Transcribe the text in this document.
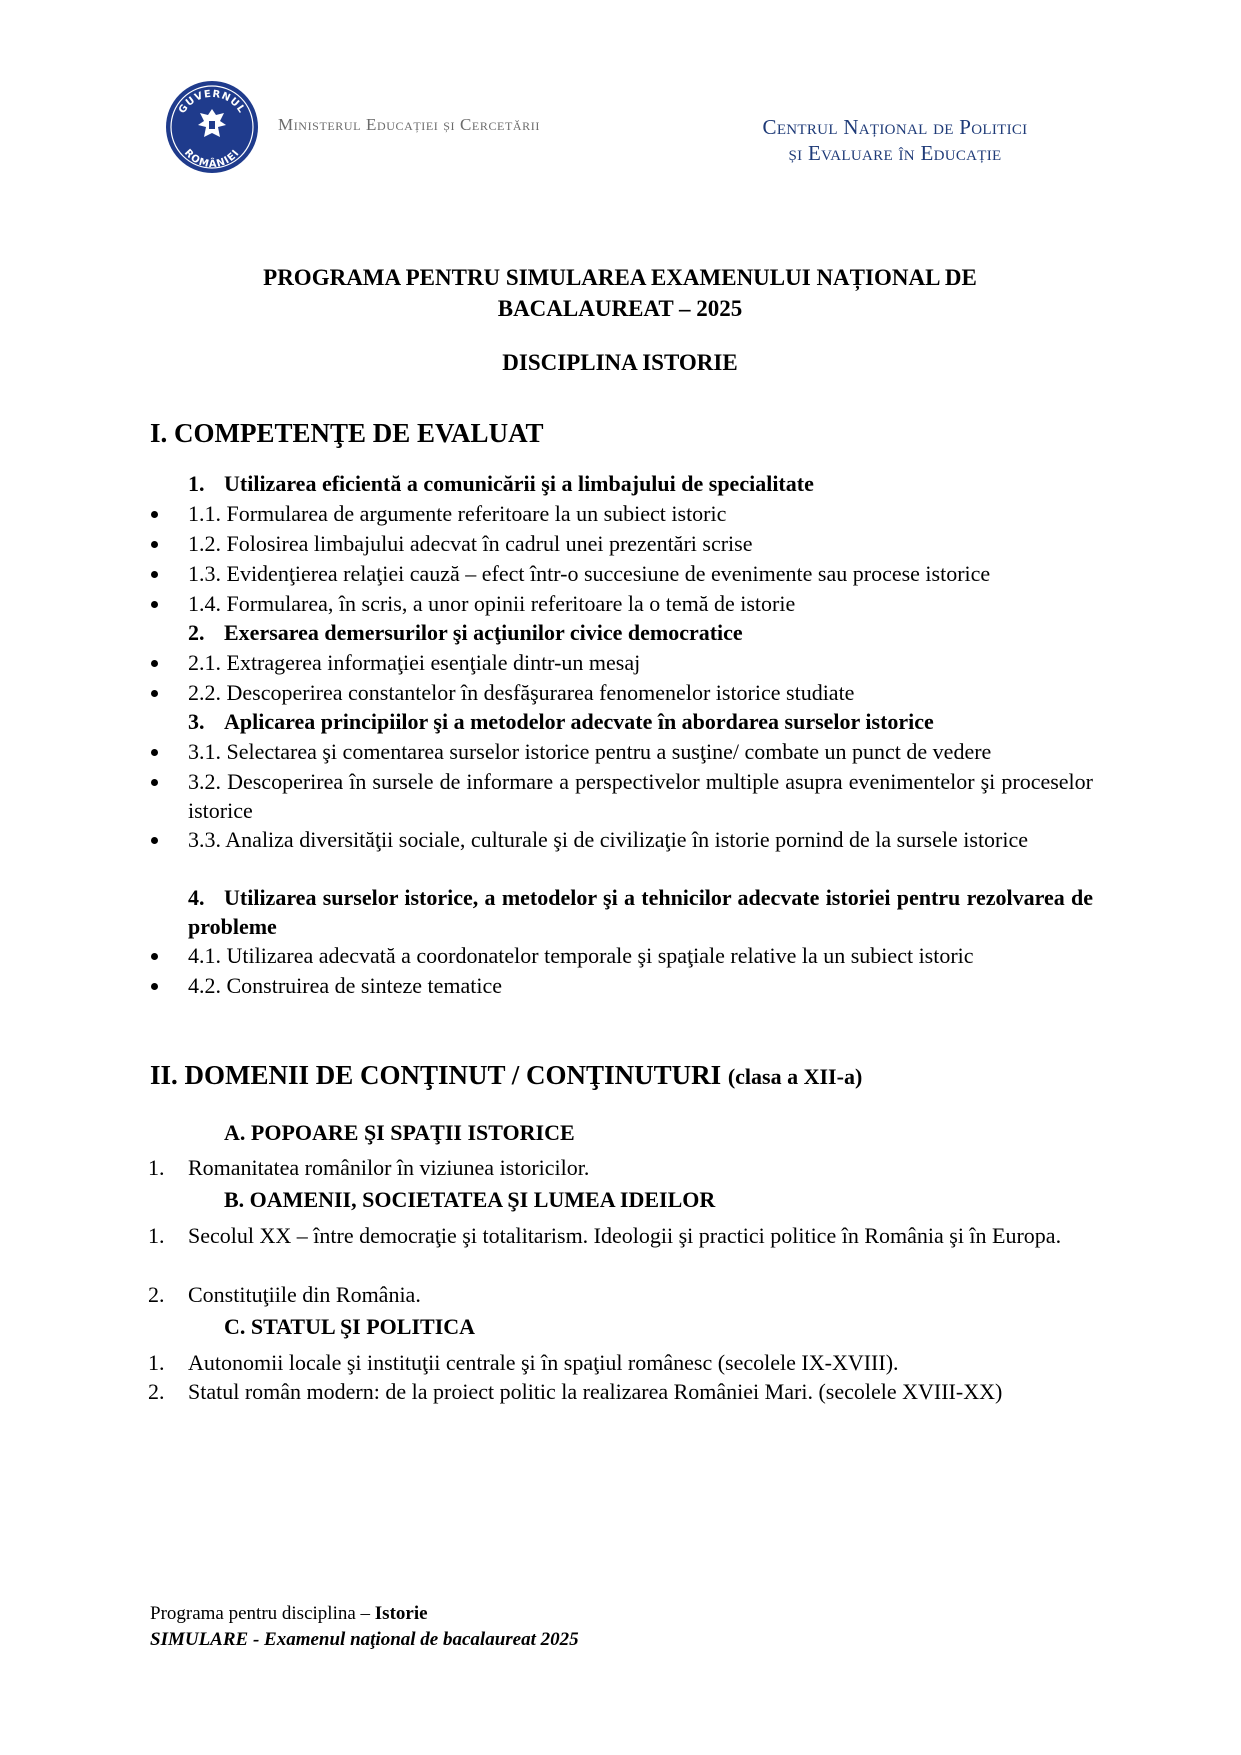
GUVERNUL
ROMÂNIEI
Ministerul Educației și Cercetării	Centrul Național de Politici
și Evaluare în Educație
PROGRAMA PENTRU SIMULAREA EXAMENULUI NAȚIONAL DE
BACALAUREAT – 2025
DISCIPLINA ISTORIE
I. COMPETENŢE DE EVALUAT
1. Utilizarea eficientă a comunicării şi a limbajului de specialitate
1.1. Formularea de argumente referitoare la un subiect istoric
1.2. Folosirea limbajului adecvat în cadrul unei prezentări scrise
1.3. Evidenţierea relaţiei cauză – efect într-o succesiune de evenimente sau procese istorice
1.4. Formularea, în scris, a unor opinii referitoare la o temă de istorie
2. Exersarea demersurilor şi acţiunilor civice democratice
2.1. Extragerea informaţiei esenţiale dintr-un mesaj
2.2. Descoperirea constantelor în desfăşurarea fenomenelor istorice studiate
3. Aplicarea principiilor şi a metodelor adecvate în abordarea surselor istorice
3.1. Selectarea şi comentarea surselor istorice pentru a susţine/ combate un punct de vedere
3.2. Descoperirea în sursele de informare a perspectivelor multiple asupra evenimentelor şi proceselor istorice
3.3. Analiza diversităţii sociale, culturale şi de civilizaţie în istorie pornind de la sursele istorice
4. Utilizarea surselor istorice, a metodelor şi a tehnicilor adecvate istoriei pentru rezolvarea de probleme
4.1. Utilizarea adecvată a coordonatelor temporale şi spaţiale relative la un subiect istoric
4.2. Construirea de sinteze tematice
II. DOMENII DE CONŢINUT / CONŢINUTURI (clasa a XII-a)
A. POPOARE ŞI SPAŢII ISTORICE
1.	Romanitatea românilor în viziunea istoricilor.
B. OAMENII, SOCIETATEA ŞI LUMEA IDEILOR
1.	Secolul XX – între democraţie şi totalitarism. Ideologii şi practici politice în România şi în Europa.
2.	Constituţiile din România.
C. STATUL ŞI POLITICA
1.	Autonomii locale şi instituţii centrale şi în spaţiul românesc (secolele IX-XVIII).
2.	Statul român modern: de la proiect politic la realizarea României Mari. (secolele XVIII-XX)
Programa pentru disciplina – Istorie
SIMULARE - Examenul naţional de bacalaureat 2025
